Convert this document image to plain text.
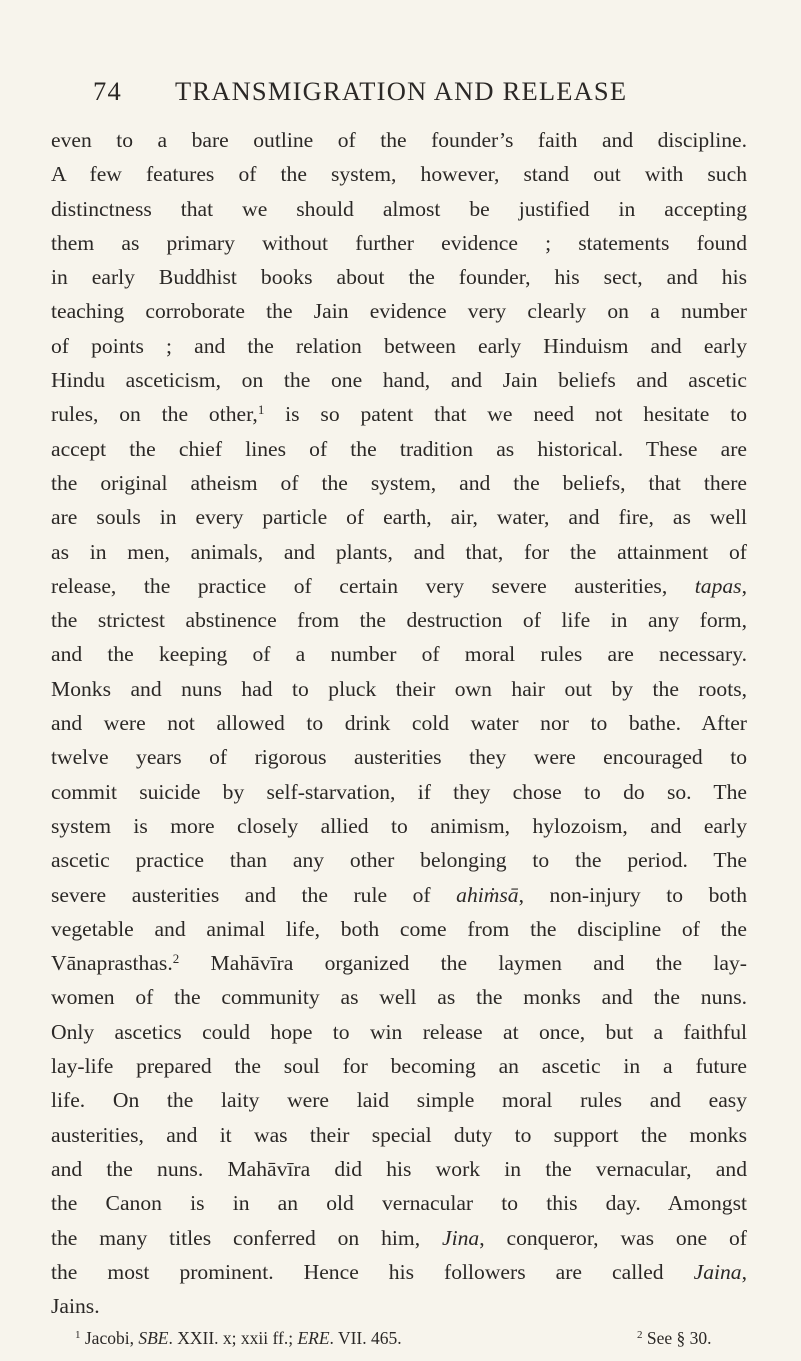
74 TRANSMIGRATION AND RELEASE
even to a bare outline of the founder’s faith and discipline.
A few features of the system, however, stand out with such
distinctness that we should almost be justified in accepting
them as primary without further evidence ; statements found
in early Buddhist books about the founder, his sect, and his
teaching corroborate the Jain evidence very clearly on a number
of points ; and the relation between early Hinduism and early
Hindu asceticism, on the one hand, and Jain beliefs and ascetic
rules, on the other,$^1$ is so patent that we need not hesitate to
accept the chief lines of the tradition as historical. These are
the original atheism of the system, and the beliefs, that there
are souls in every particle of earth, air, water, and fire, as well
as in men, animals, and plants, and that, for the attainment of
release, the practice of certain very severe austerities, tapas,
the strictest abstinence from the destruction of life in any form,
and the keeping of a number of moral rules are necessary.
Monks and nuns had to pluck their own hair out by the roots,
and were not allowed to drink cold water nor to bathe. After
twelve years of rigorous austerities they were encouraged to
commit suicide by self-starvation, if they chose to do so. The
system is more closely allied to animism, hylozoism, and early
ascetic practice than any other belonging to the period. The
severe austerities and the rule of ahiṁsā, non-injury to both
vegetable and animal life, both come from the discipline of the
Vānaprasthas.$^2$ Mahāvīra organized the laymen and the lay-
women of the community as well as the monks and the nuns.
Only ascetics could hope to win release at once, but a faithful
lay-life prepared the soul for becoming an ascetic in a future
life. On the laity were laid simple moral rules and easy
austerities, and it was their special duty to support the monks
and the nuns. Mahāvīra did his work in the vernacular, and
the Canon is in an old vernacular to this day. Amongst
the many titles conferred on him, Jina, conqueror, was one of
the most prominent. Hence his followers are called Jaina,
Jains.
$^1$ Jacobi, SBE. XXII. x; xxii ff.; ERE. VII. 465.	$^2$ See § 30.
